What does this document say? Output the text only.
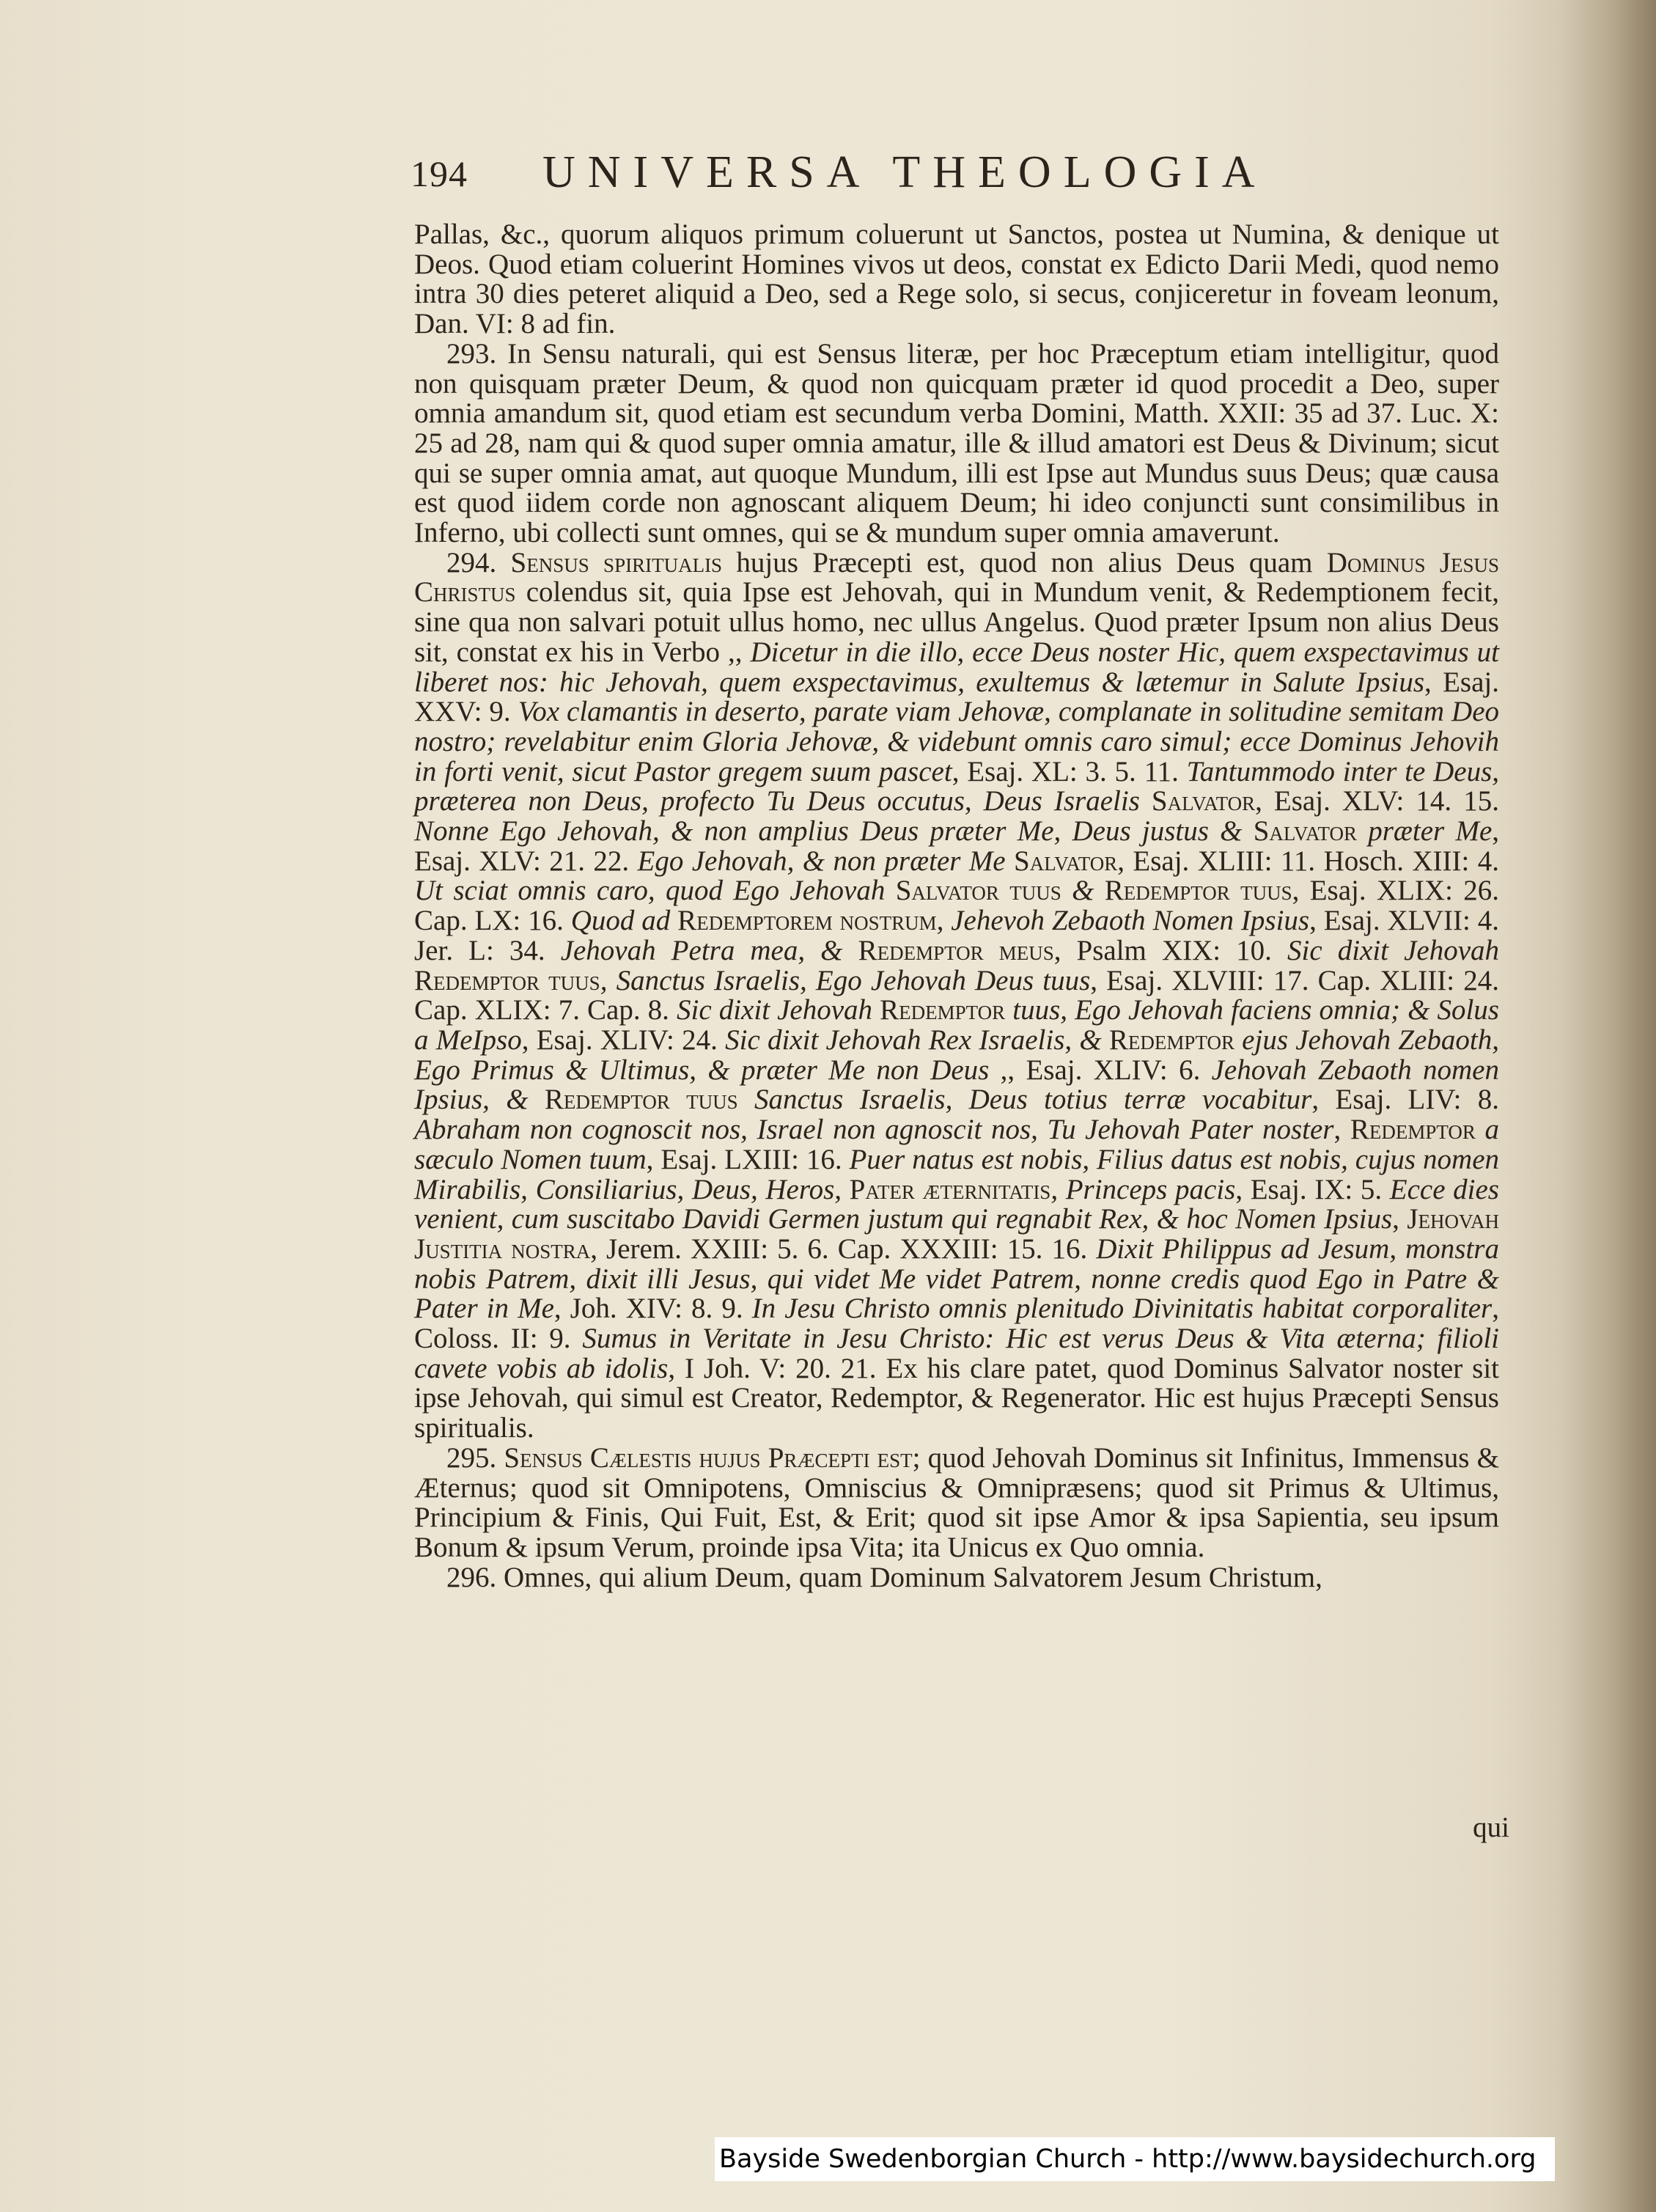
194 UNIVERSA THEOLOGIA

Pallas, &c., quorum aliquos primum coluerunt ut Sanctos, postea ut Numina, & denique ut Deos. Quod etiam coluerint Homines vivos ut deos, constat ex Edicto Darii Medi, quod nemo intra 30 dies peteret aliquid a Deo, sed a Rege solo, si secus, conjiceretur in foveam leonum, Dan. VI: 8 ad fin.

293. In Sensu naturali, qui est Sensus literæ, per hoc Præceptum etiam intelligitur, quod non quisquam præter Deum, & quod non quicquam præter id quod procedit a Deo, super omnia amandum sit, quod etiam est secundum verba Domini, Matth. XXII: 35 ad 37. Luc. X: 25 ad 28, nam qui & quod super omnia amatur, ille & illud amatori est Deus & Divinum; sicut qui se super omnia amat, aut quoque Mundum, illi est Ipse aut Mundus suus Deus; quæ causa est quod iidem corde non agnoscant aliquem Deum; hi ideo conjuncti sunt consimilibus in Inferno, ubi collecti sunt omnes, qui se & mundum super omnia amaverunt.

294. Sensus spiritualis hujus Præcepti est, quod non alius Deus quam Dominus Jesus Christus colendus sit, quia Ipse est Jehovah, qui in Mundum venit, & Redemptionem fecit, sine qua non salvari potuit ullus homo, nec ullus Angelus. Quod præter Ipsum non alius Deus sit, constat ex his in Verbo ,, Dicetur in die illo, ecce Deus noster Hic, quem exspectavimus ut liberet nos: hic Jehovah, quem exspectavimus, exultemus & lætemur in Salute Ipsius, Esaj. XXV: 9. Vox clamantis in deserto, parate viam Jehovæ, complanate in solitudine semitam Deo nostro; revelabitur enim Gloria Jehovæ, & videbunt omnis caro simul; ecce Dominus Jehovih in forti venit, sicut Pastor gregem suum pascet, Esaj. XL: 3. 5. 11. Tantummodo inter te Deus, præterea non Deus, profecto Tu Deus occutus, Deus Israelis Salvator, Esaj. XLV: 14. 15. Nonne Ego Jehovah, & non amplius Deus præter Me, Deus justus & Salvator præter Me, Esaj. XLV: 21. 22. Ego Jehovah, & non præter Me Salvator, Esaj. XLIII: 11. Hosch. XIII: 4. Ut sciat omnis caro, quod Ego Jehovah Salvator tuus & Redemptor tuus, Esaj. XLIX: 26. Cap. LX: 16. Quod ad Redemptorem nostrum, Jehevoh Zebaoth Nomen Ipsius, Esaj. XLVII: 4. Jer. L: 34. Jehovah Petra mea, & Redemptor meus, Psalm XIX: 10. Sic dixit Jehovah Redemptor tuus, Sanctus Israelis, Ego Jehovah Deus tuus, Esaj. XLVIII: 17. Cap. XLIII: 24. Cap. XLIX: 7. Cap. 8. Sic dixit Jehovah Redemptor tuus, Ego Jehovah faciens omnia; & Solus a MeIpso, Esaj. XLIV: 24. Sic dixit Jehovah Rex Israelis, & Redemptor ejus Jehovah Zebaoth, Ego Primus & Ultimus, & præter Me non Deus ,, Esaj. XLIV: 6. Jehovah Zebaoth nomen Ipsius, & Redemptor tuus Sanctus Israelis, Deus totius terræ vocabitur, Esaj. LIV: 8. Abraham non cognoscit nos, Israel non agnoscit nos, Tu Jehovah Pater noster, Redemptor a sæculo Nomen tuum, Esaj. LXIII: 16. Puer natus est nobis, Filius datus est nobis, cujus nomen Mirabilis, Consiliarius, Deus, Heros, Pater æternitatis, Princeps pacis, Esaj. IX: 5. Ecce dies venient, cum suscitabo Davidi Germen justum qui regnabit Rex, & hoc Nomen Ipsius, Jehovah Justitia nostra, Jerem. XXIII: 5. 6. Cap. XXXIII: 15. 16. Dixit Philippus ad Jesum, monstra nobis Patrem, dixit illi Jesus, qui videt Me videt Patrem, nonne credis quod Ego in Patre & Pater in Me, Joh. XIV: 8. 9. In Jesu Christo omnis plenitudo Divinitatis habitat corporaliter, Coloss. II: 9. Sumus in Veritate in Jesu Christo: Hic est verus Deus & Vita æterna; filioli cavete vobis ab idolis, I Joh. V: 20. 21. Ex his clare patet, quod Dominus Salvator noster sit ipse Jehovah, qui simul est Creator, Redemptor, & Regenerator. Hic est hujus Præcepti Sensus spiritualis.

295. Sensus Cælestis hujus Præcepti est; quod Jehovah Dominus sit Infinitus, Immensus & Æternus; quod sit Omnipotens, Omniscius & Omnipræsens; quod sit Primus & Ultimus, Principium & Finis, Qui Fuit, Est, & Erit; quod sit ipse Amor & ipsa Sapientia, seu ipsum Bonum & ipsum Verum, proinde ipsa Vita; ita Unicus ex Quo omnia.

296. Omnes, qui alium Deum, quam Dominum Salvatorem Jesum Christum,

qui
Bayside Swedenborgian Church - http://www.baysidechurch.org
